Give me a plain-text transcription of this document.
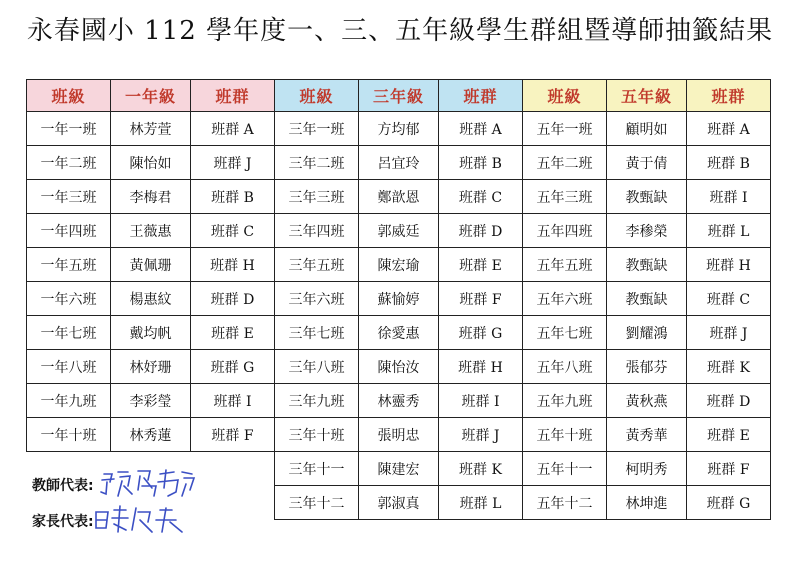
永春國小 112 學年度一、三、五年級學生群組暨導師抽籤結果
班級	一年級	班群
一年一班	林芳萱	班群 A
一年二班	陳怡如	班群 J
一年三班	李梅君	班群 B
一年四班	王薇惠	班群 C
一年五班	黃佩珊	班群 H
一年六班	楊惠紋	班群 D
一年七班	戴均帆	班群 E
一年八班	林妤珊	班群 G
一年九班	李彩瑩	班群 I
一年十班	林秀蓮	班群 F
班級	三年級	班群
三年一班	方均郁	班群 A
三年二班	呂宜玲	班群 B
三年三班	鄭歆恩	班群 C
三年四班	郭威廷	班群 D
三年五班	陳宏瑜	班群 E
三年六班	蘇愉婷	班群 F
三年七班	徐愛惠	班群 G
三年八班	陳怡汝	班群 H
三年九班	林靈秀	班群 I
三年十班	張明忠	班群 J
三年十一	陳建宏	班群 K
三年十二	郭淑真	班群 L
班級	五年級	班群
五年一班	顧明如	班群 A
五年二班	黃于倩	班群 B
五年三班	教甄缺	班群 I
五年四班	李䅟榮	班群 L
五年五班	教甄缺	班群 H
五年六班	教甄缺	班群 C
五年七班	劉耀鴻	班群 J
五年八班	張郁芬	班群 K
五年九班	黃秋燕	班群 D
五年十班	黃秀華	班群 E
五年十一	柯明秀	班群 F
五年十二	林坤進	班群 G
教師代表:
家長代表:
